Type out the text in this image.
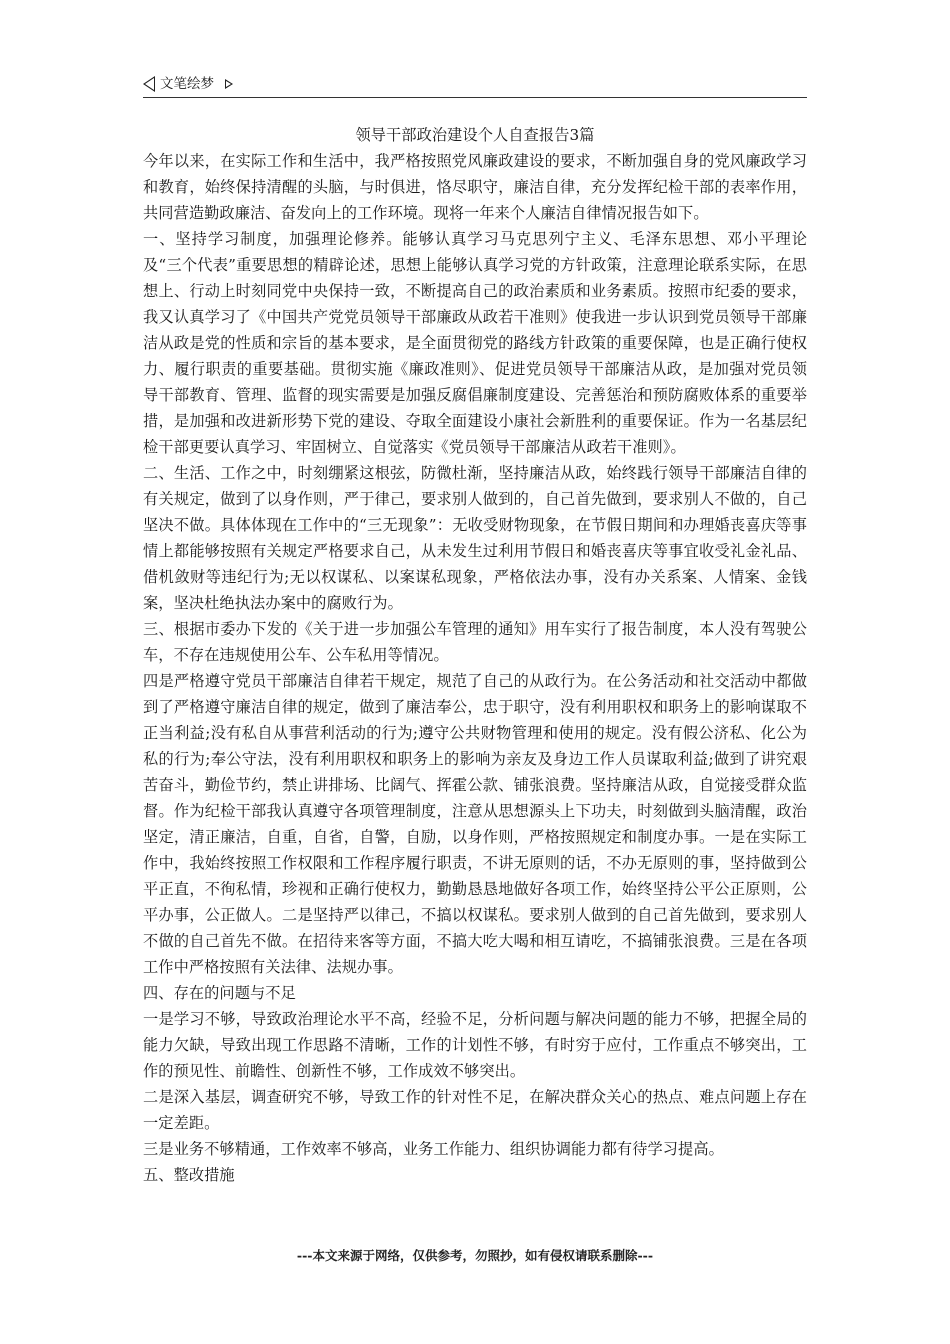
文笔绘梦

领导干部政治建设个人自查报告3篇

今年以来，在实际工作和生活中，我严格按照党风廉政建设的要求，不断加强自身的党风廉政学习和教育，始终保持清醒的头脑，与时俱进，恪尽职守，廉洁自律，充分发挥纪检干部的表率作用，共同营造勤政廉洁、奋发向上的工作环境。现将一年来个人廉洁自律情况报告如下。

一、坚持学习制度，加强理论修养。能够认真学习马克思列宁主义、毛泽东思想、邓小平理论及“三个代表”重要思想的精辟论述，思想上能够认真学习党的方针政策，注意理论联系实际，在思想上、行动上时刻同党中央保持一致，不断提高自己的政治素质和业务素质。按照市纪委的要求，我又认真学习了《中国共产党党员领导干部廉政从政若干准则》使我进一步认识到党员领导干部廉洁从政是党的性质和宗旨的基本要求，是全面贯彻党的路线方针政策的重要保障，也是正确行使权力、履行职责的重要基础。贯彻实施《廉政准则》、促进党员领导干部廉洁从政，是加强对党员领导干部教育、管理、监督的现实需要是加强反腐倡廉制度建设、完善惩治和预防腐败体系的重要举措，是加强和改进新形势下党的建设、夺取全面建设小康社会新胜利的重要保证。作为一名基层纪检干部更要认真学习、牢固树立、自觉落实《党员领导干部廉洁从政若干准则》。

二、生活、工作之中，时刻绷紧这根弦，防微杜渐，坚持廉洁从政，始终践行领导干部廉洁自律的有关规定，做到了以身作则，严于律己，要求别人做到的，自己首先做到，要求别人不做的，自己坚决不做。具体体现在工作中的“三无现象”：无收受财物现象，在节假日期间和办理婚丧喜庆等事情上都能够按照有关规定严格要求自己，从未发生过利用节假日和婚丧喜庆等事宜收受礼金礼品、借机敛财等违纪行为;无以权谋私、以案谋私现象，严格依法办事，没有办关系案、人情案、金钱案，坚决杜绝执法办案中的腐败行为。

三、根据市委办下发的《关于进一步加强公车管理的通知》用车实行了报告制度，本人没有驾驶公车，不存在违规使用公车、公车私用等情况。

四是严格遵守党员干部廉洁自律若干规定，规范了自己的从政行为。在公务活动和社交活动中都做到了严格遵守廉洁自律的规定，做到了廉洁奉公，忠于职守，没有利用职权和职务上的影响谋取不正当利益;没有私自从事营利活动的行为;遵守公共财物管理和使用的规定。没有假公济私、化公为私的行为;奉公守法，没有利用职权和职务上的影响为亲友及身边工作人员谋取利益;做到了讲究艰苦奋斗，勤俭节约，禁止讲排场、比阔气、挥霍公款、铺张浪费。坚持廉洁从政，自觉接受群众监督。作为纪检干部我认真遵守各项管理制度，注意从思想源头上下功夫，时刻做到头脑清醒，政治坚定，清正廉洁，自重，自省，自警，自励，以身作则，严格按照规定和制度办事。一是在实际工作中，我始终按照工作权限和工作程序履行职责，不讲无原则的话，不办无原则的事，坚持做到公平正直，不徇私情，珍视和正确行使权力，勤勤恳恳地做好各项工作，始终坚持公平公正原则，公平办事，公正做人。二是坚持严以律己，不搞以权谋私。要求别人做到的自己首先做到，要求别人不做的自己首先不做。在招待来客等方面，不搞大吃大喝和相互请吃，不搞铺张浪费。三是在各项工作中严格按照有关法律、法规办事。

四、存在的问题与不足

一是学习不够，导致政治理论水平不高，经验不足，分析问题与解决问题的能力不够，把握全局的能力欠缺，导致出现工作思路不清晰，工作的计划性不够，有时穷于应付，工作重点不够突出，工作的预见性、前瞻性、创新性不够，工作成效不够突出。

二是深入基层，调查研究不够，导致工作的针对性不足，在解决群众关心的热点、难点问题上存在一定差距。

三是业务不够精通，工作效率不够高，业务工作能力、组织协调能力都有待学习提高。

五、整改措施

---本文来源于网络，仅供参考，勿照抄，如有侵权请联系删除---
